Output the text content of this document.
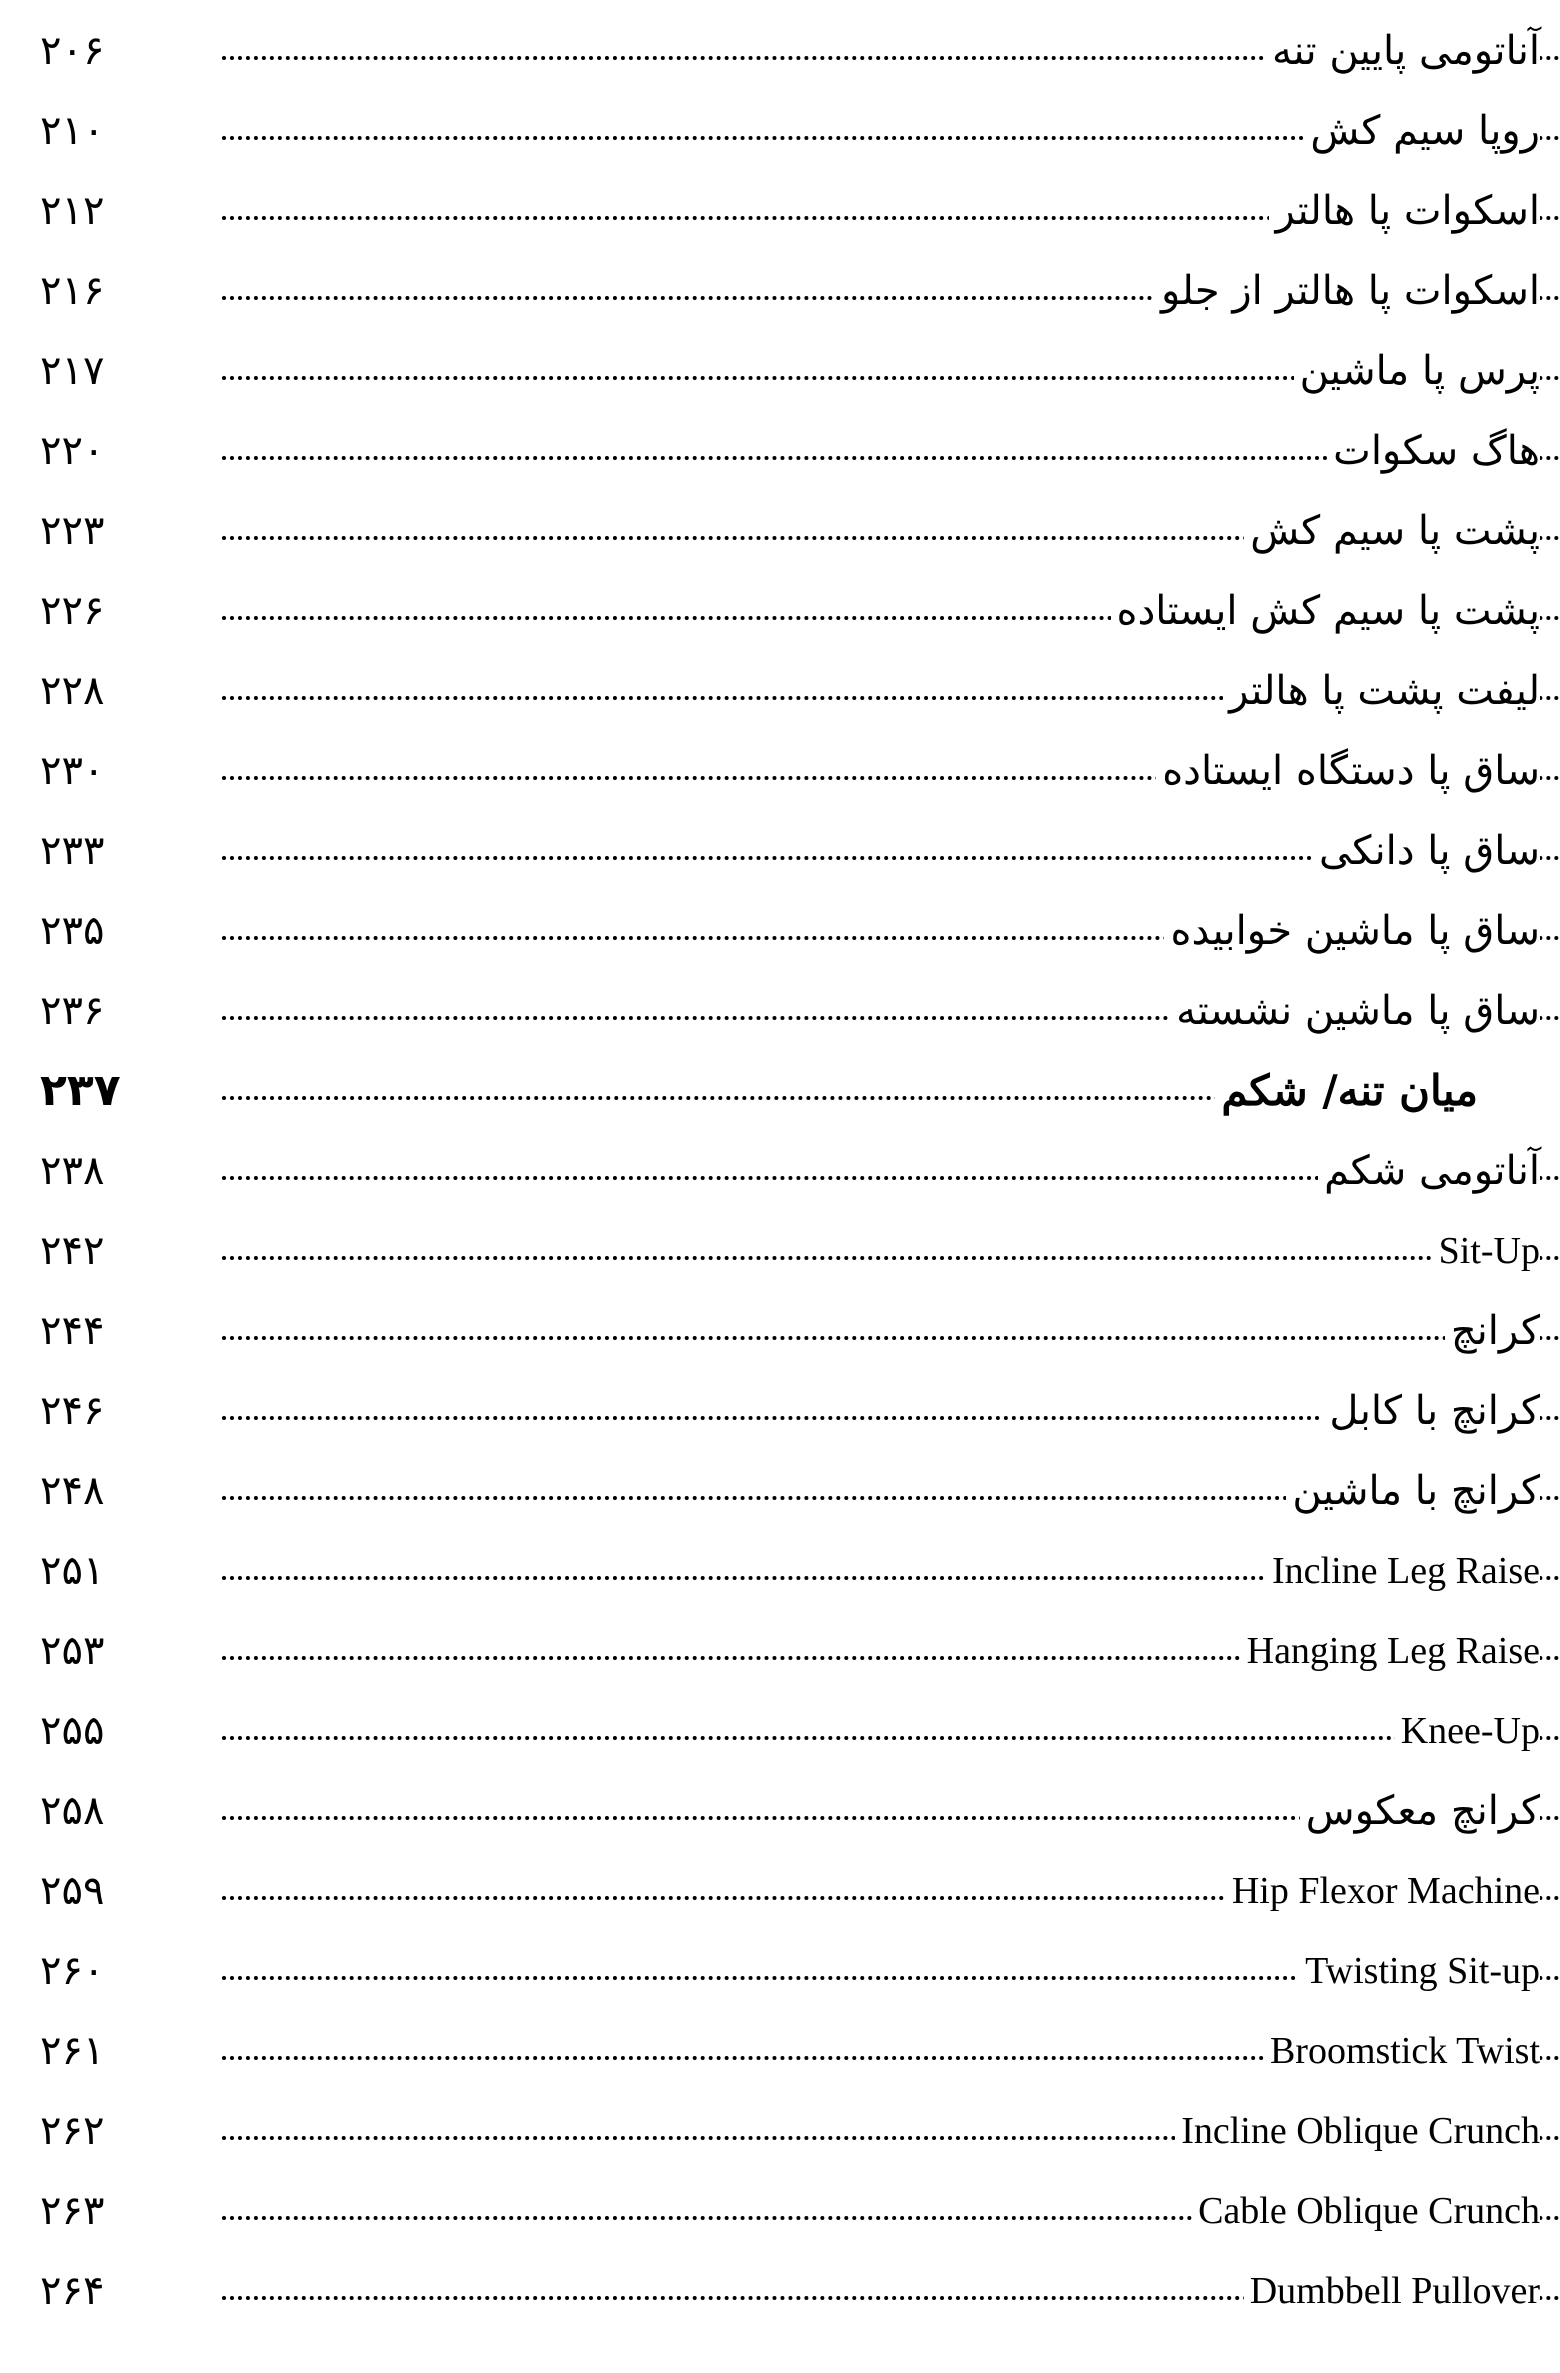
۲۰۶	آناتومی پایین تنه
۲۱۰	روپا سیم کش
۲۱۲	اسکوات پا هالتر
۲۱۶	اسکوات پا هالتر از جلو
۲۱۷	پرس پا ماشین
۲۲۰	هاگ سکوات
۲۲۳	پشت پا سیم کش
۲۲۶	پشت پا سیم کش ایستاده
۲۲۸	لیفت پشت پا هالتر
۲۳۰	ساق پا دستگاه ایستاده
۲۳۳	ساق پا دانکی
۲۳۵	ساق پا ماشین خوابیده
۲۳۶	ساق پا ماشین نشسته
۲۳۷	میان تنه/ شکم
۲۳۸	آناتومی شکم
۲۴۲	Sit-Up
۲۴۴	کرانچ
۲۴۶	کرانچ با کابل
۲۴۸	کرانچ با ماشین
۲۵۱	Incline Leg Raise
۲۵۳	Hanging Leg Raise
۲۵۵	Knee-Up
۲۵۸	کرانچ معکوس
۲۵۹	Hip Flexor Machine
۲۶۰	Twisting Sit-up
۲۶۱	Broomstick Twist
۲۶۲	Incline Oblique Crunch
۲۶۳	Cable Oblique Crunch
۲۶۴	Dumbbell Pullover
